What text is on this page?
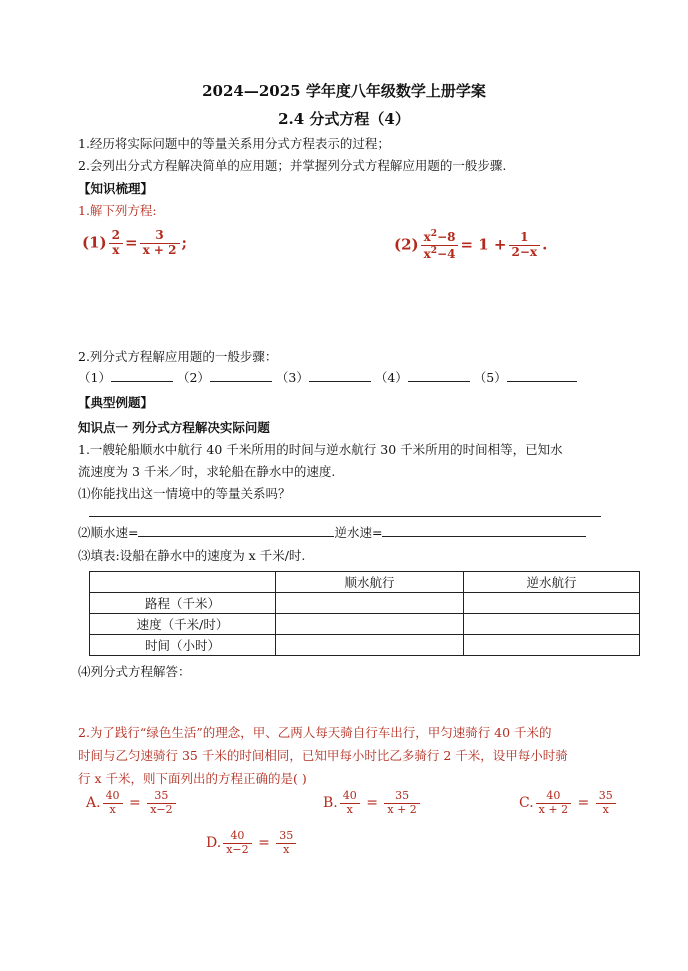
2024—2025 学年度八年级数学上册学案
2.4 分式方程（4）
1.经历将实际问题中的等量关系用分式方程表示的过程；
2.会列出分式方程解决简单的应用题；并掌握列分式方程解应用题的一般步骤.
【知识梳理】
1.解下列方程:
$(1) \frac{2}{x} = \frac{3}{x + 2}$ ;	$(2) \frac{x^2-8}{x^2-4} = 1 + \frac{1}{2-x}$ .
2.列分式方程解应用题的一般步骤：
（1）	（2）	（3）	（4）	（5）
【典型例题】
知识点一 列分式方程解决实际问题
1.一艘轮船顺水中航行 40 千米所用的时间与逆水航行 30 千米所用的时间相等，已知水
流速度为 3 千米／时，求轮船在静水中的速度.
⑴你能找出这一情境中的等量关系吗？
⑵顺水速=	逆水速=
⑶填表:设船在静水中的速度为 x 千米/时.
	顺水航行	逆水航行
路程（千米）		
速度（千米/时）		
时间（小时）		
⑷列分式方程解答：
2.为了践行“绿色生活”的理念，甲、乙两人每天骑自行车出行，甲匀速骑行 40 千米的
时间与乙匀速骑行 35 千米的时间相同，已知甲每小时比乙多骑行 2 千米，设甲每小时骑
行 x 千米，则下面列出的方程正确的是( )
A. $\frac{40}{x} = \frac{35}{x-2}$	B. $\frac{40}{x} = \frac{35}{x + 2}$	C. $\frac{40}{x + 2} = \frac{35}{x}$
D. $\frac{40}{x-2} = \frac{35}{x}$
